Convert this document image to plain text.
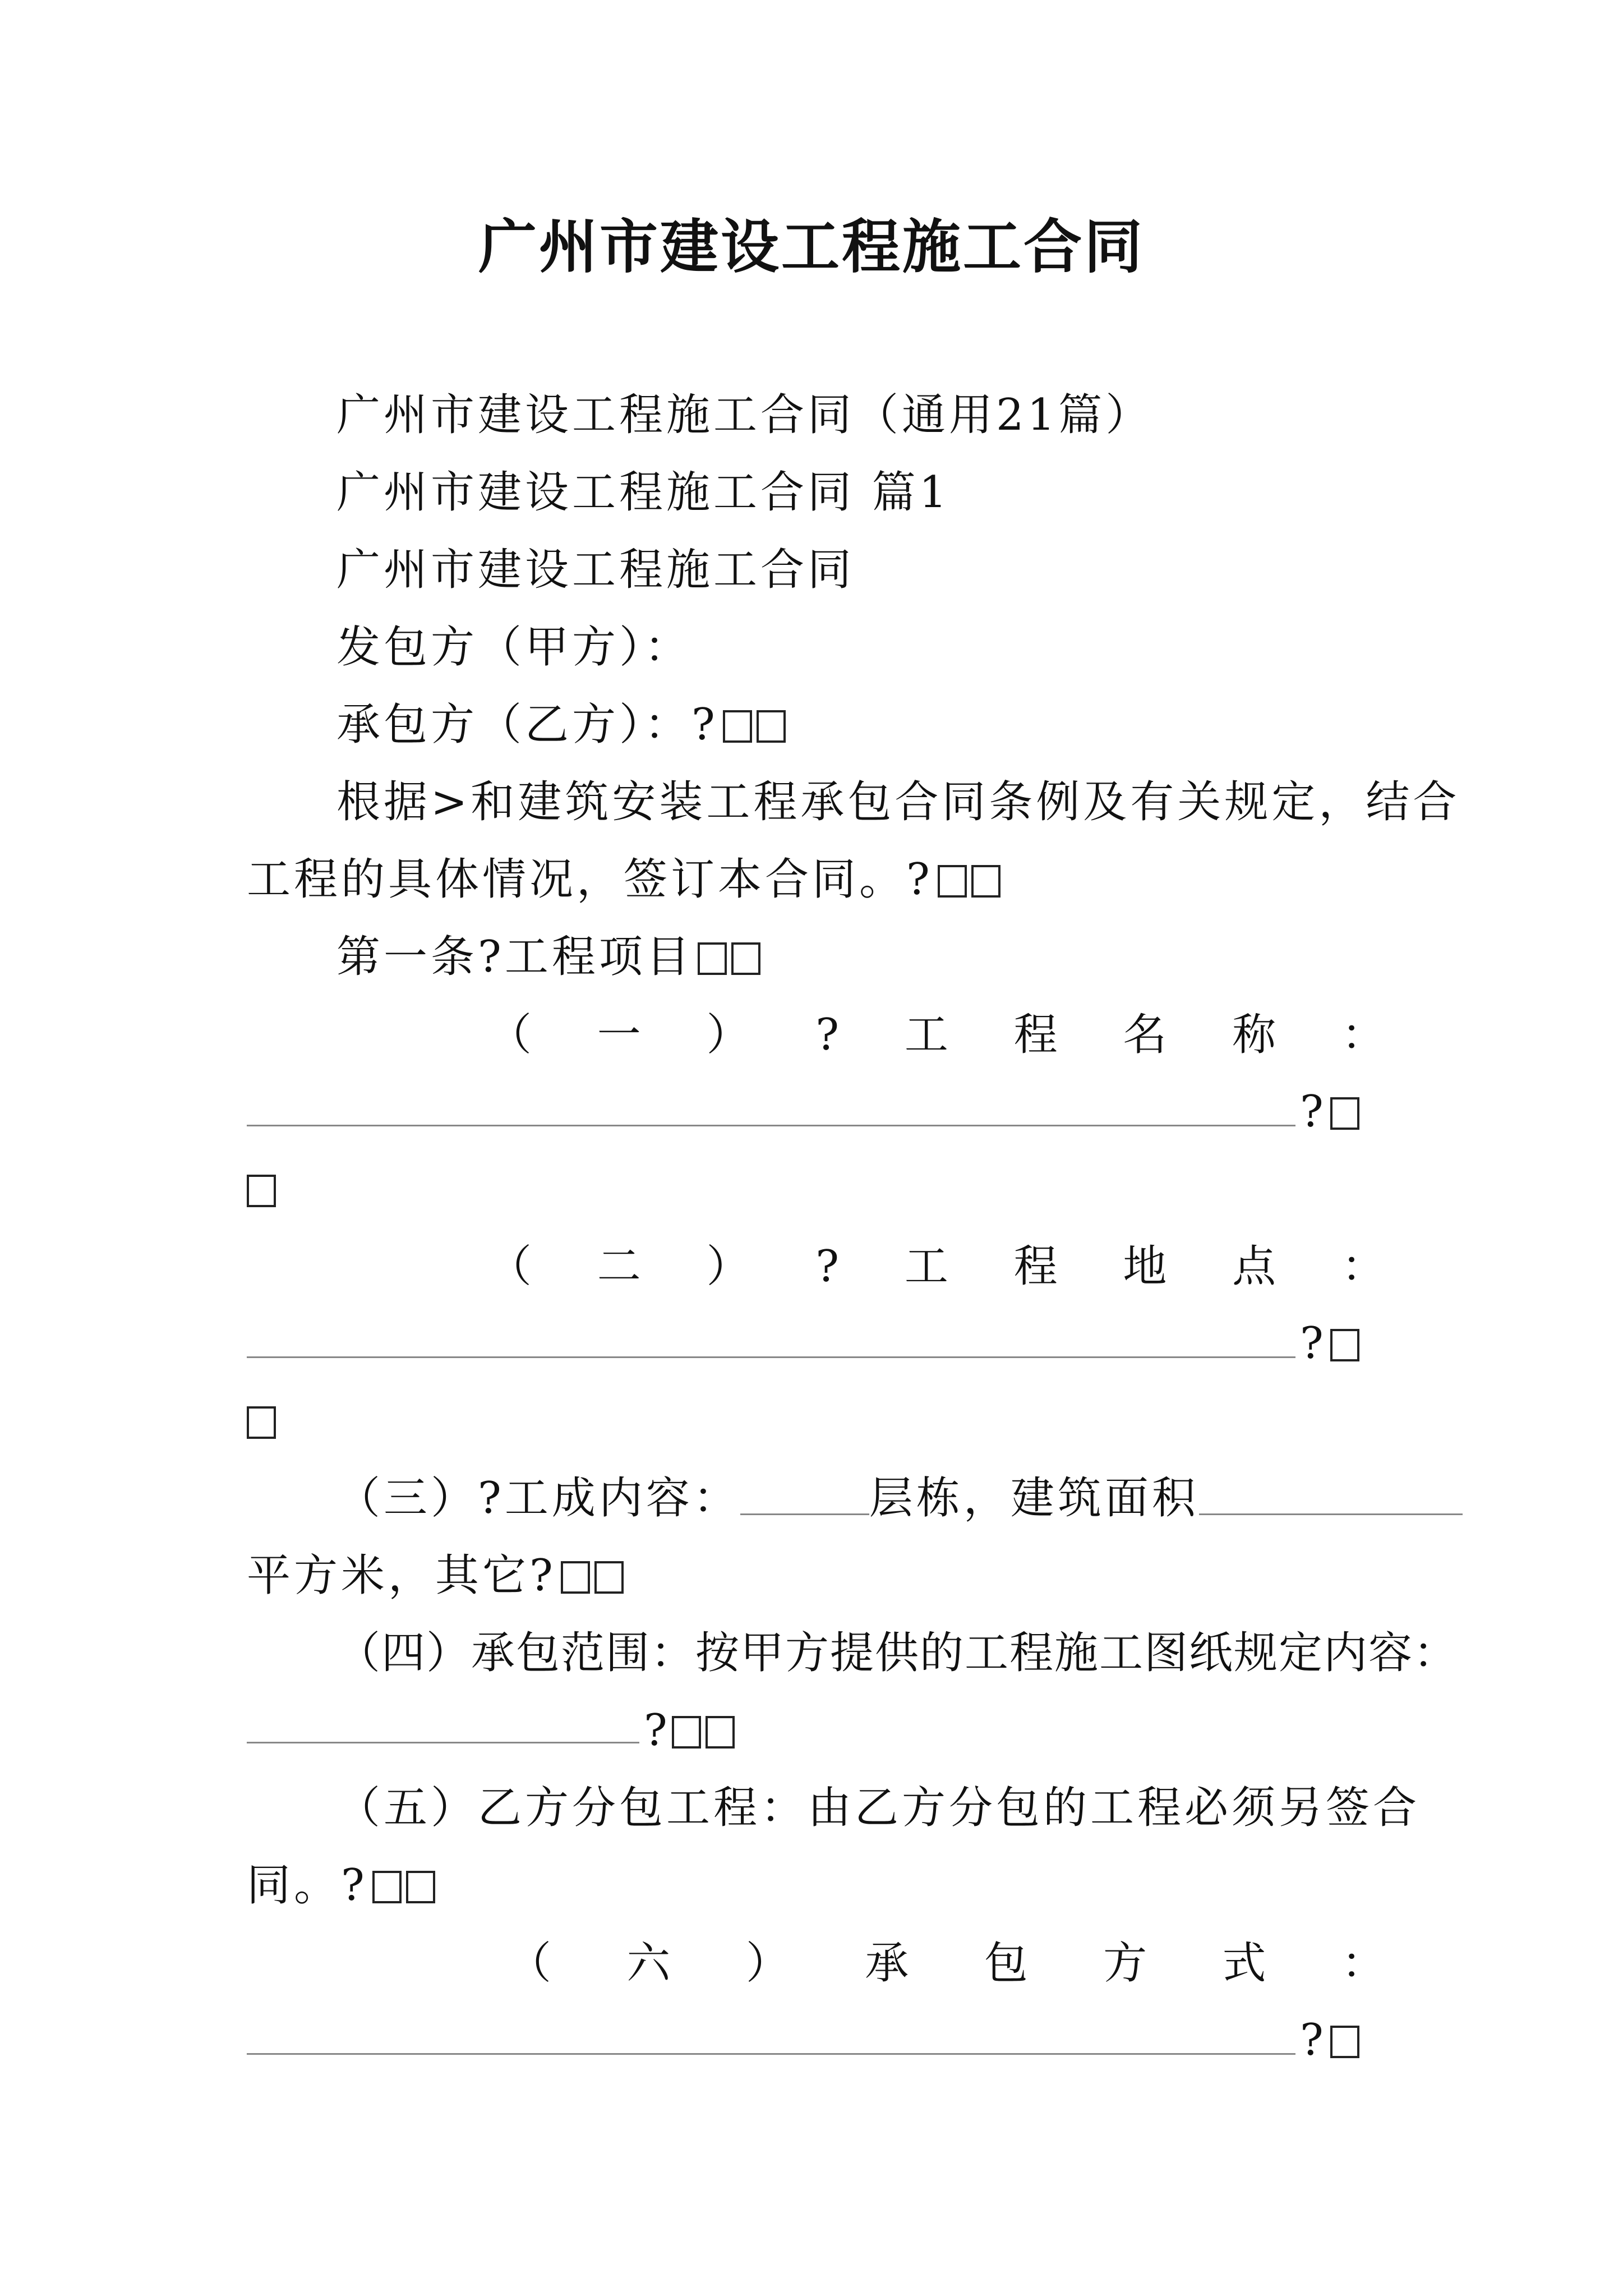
广州市建设工程施工合同
广州市建设工程施工合同（通用21篇）
广州市建设工程施工合同 篇1
广州市建设工程施工合同
发包方（甲方）：
承包方（乙方）：?
根据>和建筑安装工程承包合同条例及有关规定，结合
工程的具体情况，签订本合同。?
第一条?工程项目
（ 一 ） ? 工 程 名 称 ：
?
（ 二 ） ? 工 程 地 点 ：
?
（三）?工成内容：	层栋，建筑面积
平方米，其它?
（四）承包范围：按甲方提供的工程施工图纸规定内容：
?
（五）乙方分包工程：由乙方分包的工程必须另签合
同。?
（ 六 ） 承 包 方 式 ：
?
